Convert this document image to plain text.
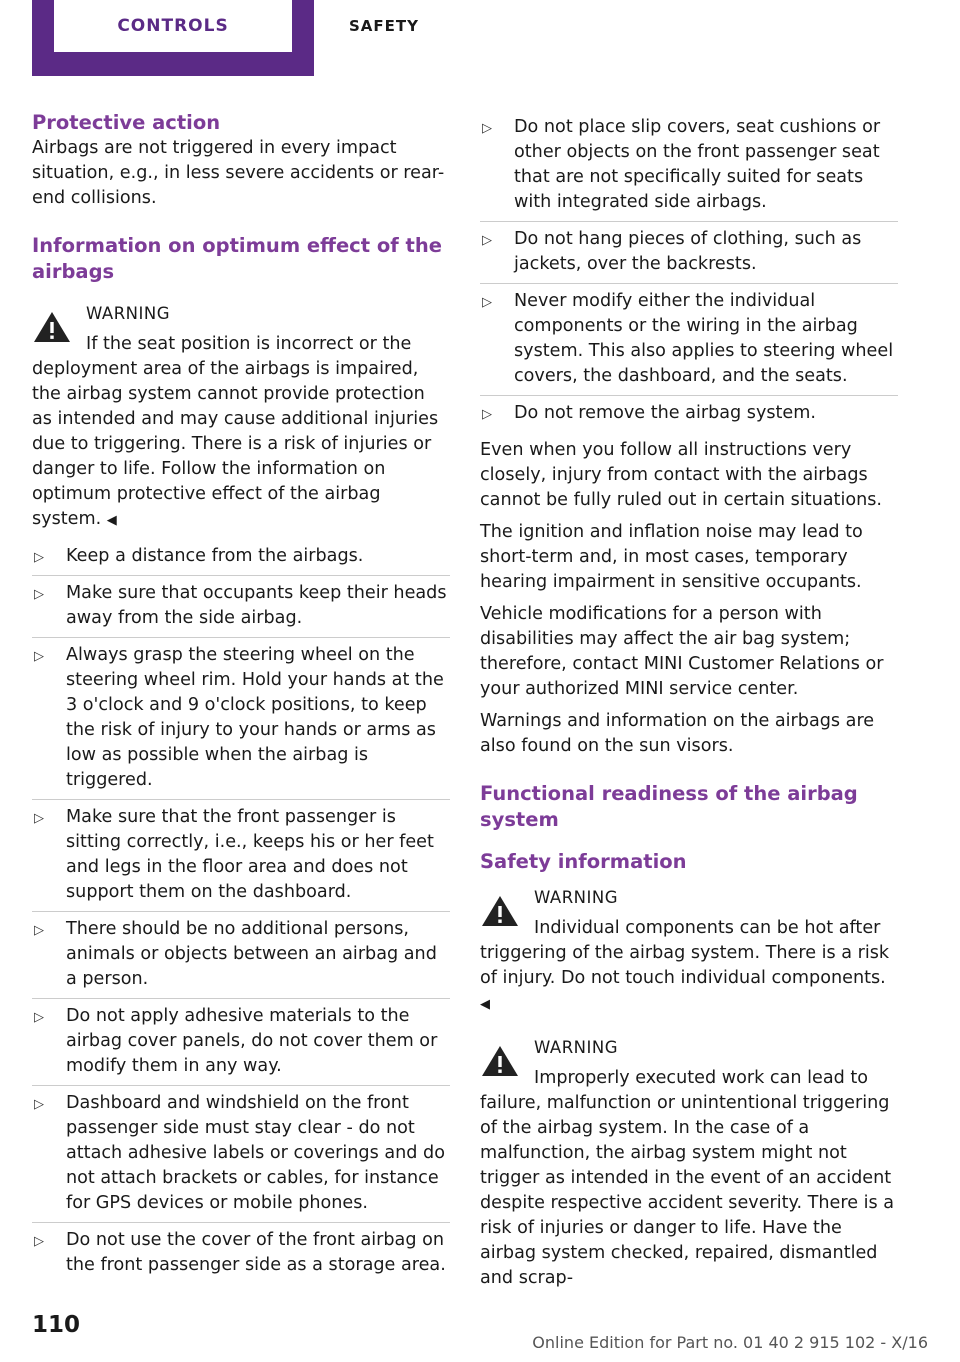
CONTROLS	SAFETY
Protective action

Airbags are not triggered in every impact situation, e.g., in less severe accidents or rear-end collisions.

Information on optimum effect of the airbags
WARNING
If the seat position is incorrect or the deployment area of the airbags is impaired, the airbag system cannot provide protection as intended and may cause additional injuries due to triggering. There is a risk of injuries or danger to life. Follow the information on optimum protective effect of the airbag system. ◀
▷ Keep a distance from the airbags.
▷ Make sure that occupants keep their heads away from the side airbag.
▷ Always grasp the steering wheel on the steering wheel rim. Hold your hands at the 3 o'clock and 9 o'clock positions, to keep the risk of injury to your hands or arms as low as possible when the airbag is triggered.
▷ Make sure that the front passenger is sitting correctly, i.e., keeps his or her feet and legs in the floor area and does not support them on the dashboard.
▷ There should be no additional persons, animals or objects between an airbag and a person.
▷ Do not apply adhesive materials to the airbag cover panels, do not cover them or modify them in any way.
▷ Dashboard and windshield on the front passenger side must stay clear - do not attach adhesive labels or coverings and do not attach brackets or cables, for instance for GPS devices or mobile phones.
▷ Do not use the cover of the front airbag on the front passenger side as a storage area.
▷ Do not place slip covers, seat cushions or other objects on the front passenger seat that are not specifically suited for seats with integrated side airbags.
▷ Do not hang pieces of clothing, such as jackets, over the backrests.
▷ Never modify either the individual components or the wiring in the airbag system. This also applies to steering wheel covers, the dashboard, and the seats.
▷ Do not remove the airbag system.

Even when you follow all instructions very closely, injury from contact with the airbags cannot be fully ruled out in certain situations.

The ignition and inflation noise may lead to short-term and, in most cases, temporary hearing impairment in sensitive occupants.

Vehicle modifications for a person with disabilities may affect the air bag system; therefore, contact MINI Customer Relations or your authorized MINI service center.

Warnings and information on the airbags are also found on the sun visors.

Functional readiness of the airbag system
Safety information
WARNING
Individual components can be hot after triggering of the airbag system. There is a risk of injury. Do not touch individual components. ◀
WARNING
Improperly executed work can lead to failure, malfunction or unintentional triggering of the airbag system. In the case of a malfunction, the airbag system might not trigger as intended in the event of an accident despite respective accident severity. There is a risk of injuries or danger to life. Have the airbag system checked, repaired, dismantled and scrap-
110
Online Edition for Part no. 01 40 2 915 102 - X/16
